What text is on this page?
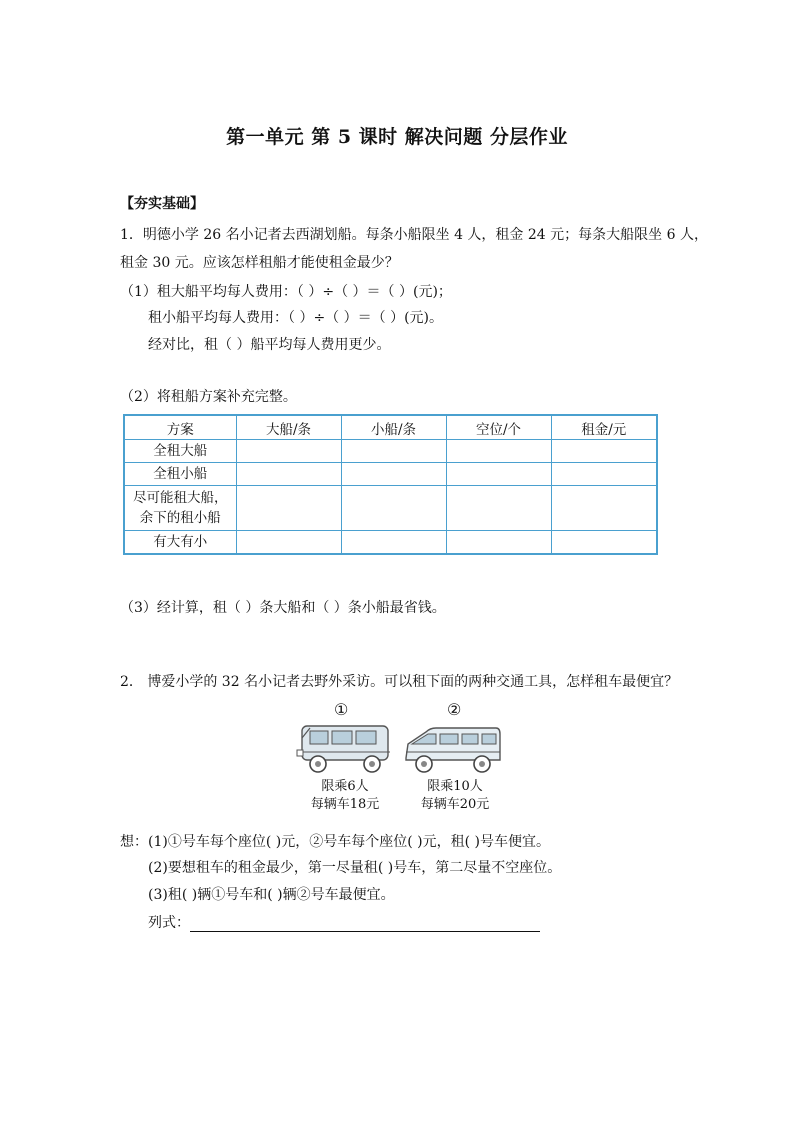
第一单元 第 5 课时 解决问题 分层作业
【夯实基础】
1．明德小学 26 名小记者去西湖划船。每条小船限坐 4 人，租金 24 元；每条大船限坐 6 人，
租金 30 元。应该怎样租船才能使租金最少？
（1）租大船平均每人费用：（ ）÷（ ）＝（ ）(元)；
租小船平均每人费用：（ ）÷（ ）＝（ ）(元)。
经对比，租（ ）船平均每人费用更少。
（2）将租船方案补充完整。
方案	大船/条	小船/条	空位/个	租金/元
全租大船				
全租小船				

尽可能租大船，
余下的租小船				

有大有小				
（3）经计算，租（ ）条大船和（ ）条小船最省钱。
2． 博爱小学的 32 名小记者去野外采访。可以租下面的两种交通工具，怎样租车最便宜？
①
限乘6人
每辆车18元
②
限乘10人
每辆车20元
想：(1)①号车每个座位( )元，②号车每个座位( )元，租( )号车便宜。
(2)要想租车的租金最少，第一尽量租( )号车，第二尽量不空座位。
(3)租( )辆①号车和( )辆②号车最便宜。
列式：
